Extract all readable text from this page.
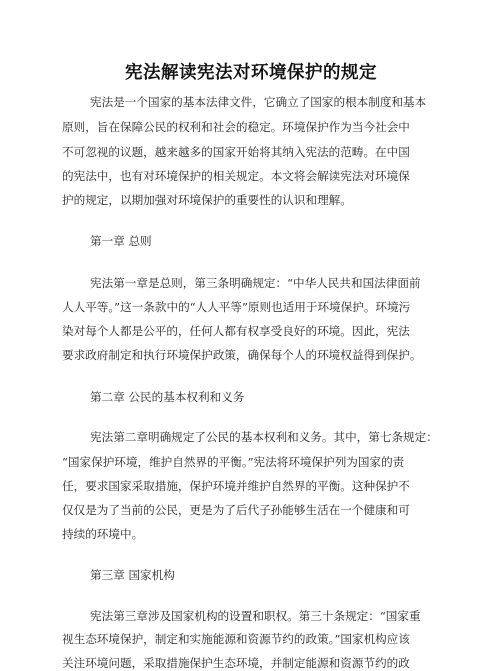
宪法解读宪法对环境保护的规定
宪法是一个国家的基本法律文件，它确立了国家的根本制度和基本
原则，旨在保障公民的权利和社会的稳定。环境保护作为当今社会中
不可忽视的议题，越来越多的国家开始将其纳入宪法的范畴。在中国
的宪法中，也有对环境保护的相关规定。本文将会解读宪法对环境保
护的规定，以期加强对环境保护的重要性的认识和理解。
第一章 总则
宪法第一章是总则，第三条明确规定：“中华人民共和国法律面前
人人平等。”这一条款中的“人人平等”原则也适用于环境保护。环境污
染对每个人都是公平的，任何人都有权享受良好的环境。因此，宪法
要求政府制定和执行环境保护政策，确保每个人的环境权益得到保护。
第二章 公民的基本权利和义务
宪法第二章明确规定了公民的基本权利和义务。其中，第七条规定：
“国家保护环境，维护自然界的平衡。”宪法将环境保护列为国家的责
任，要求国家采取措施，保护环境并维护自然界的平衡。这种保护不
仅仅是为了当前的公民，更是为了后代子孙能够生活在一个健康和可
持续的环境中。
第三章 国家机构
宪法第三章涉及国家机构的设置和职权。第三十条规定：“国家重
视生态环境保护，制定和实施能源和资源节约的政策。”国家机构应该
关注环境问题，采取措施保护生态环境，并制定能源和资源节约的政
